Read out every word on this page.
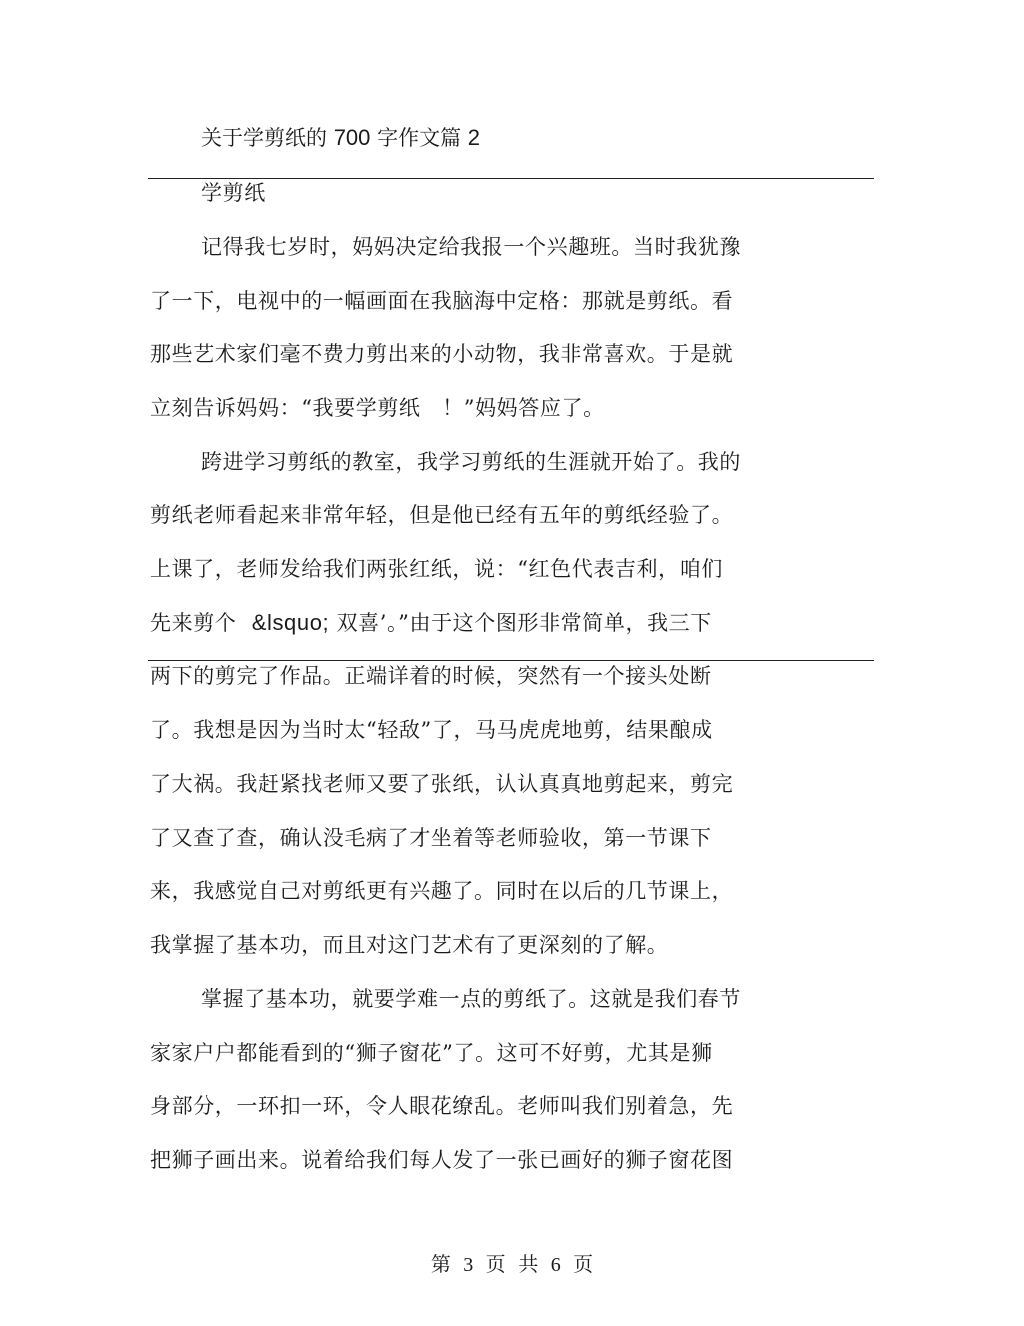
关于学剪纸的 700 字作文篇 2
学剪纸
记得我七岁时，妈妈决定给我报一个兴趣班。当时我犹豫
了一下，电视中的一幅画面在我脑海中定格：那就是剪纸。看
那些艺术家们毫不费力剪出来的小动物，我非常喜欢。于是就
立刻告诉妈妈：“我要学剪纸　！”妈妈答应了。
跨进学习剪纸的教室，我学习剪纸的生涯就开始了。我的
剪纸老师看起来非常年轻，但是他已经有五年的剪纸经验了。
上课了，老师发给我们两张红纸，说：“红色代表吉利，咱们
先来剪个 &lsquo; 双喜’。”由于这个图形非常简单，我三下
两下的剪完了作品。正端详着的时候，突然有一个接头处断
了。我想是因为当时太“轻敌”了，马马虎虎地剪，结果酿成
了大祸。我赶紧找老师又要了张纸，认认真真地剪起来，剪完
了又查了查，确认没毛病了才坐着等老师验收，第一节课下
来，我感觉自己对剪纸更有兴趣了。同时在以后的几节课上，
我掌握了基本功，而且对这门艺术有了更深刻的了解。
掌握了基本功，就要学难一点的剪纸了。这就是我们春节
家家户户都能看到的“狮子窗花”了。这可不好剪，尤其是狮
身部分，一环扣一环，令人眼花缭乱。老师叫我们别着急，先
把狮子画出来。说着给我们每人发了一张已画好的狮子窗花图
第 3 页  共 6 页
